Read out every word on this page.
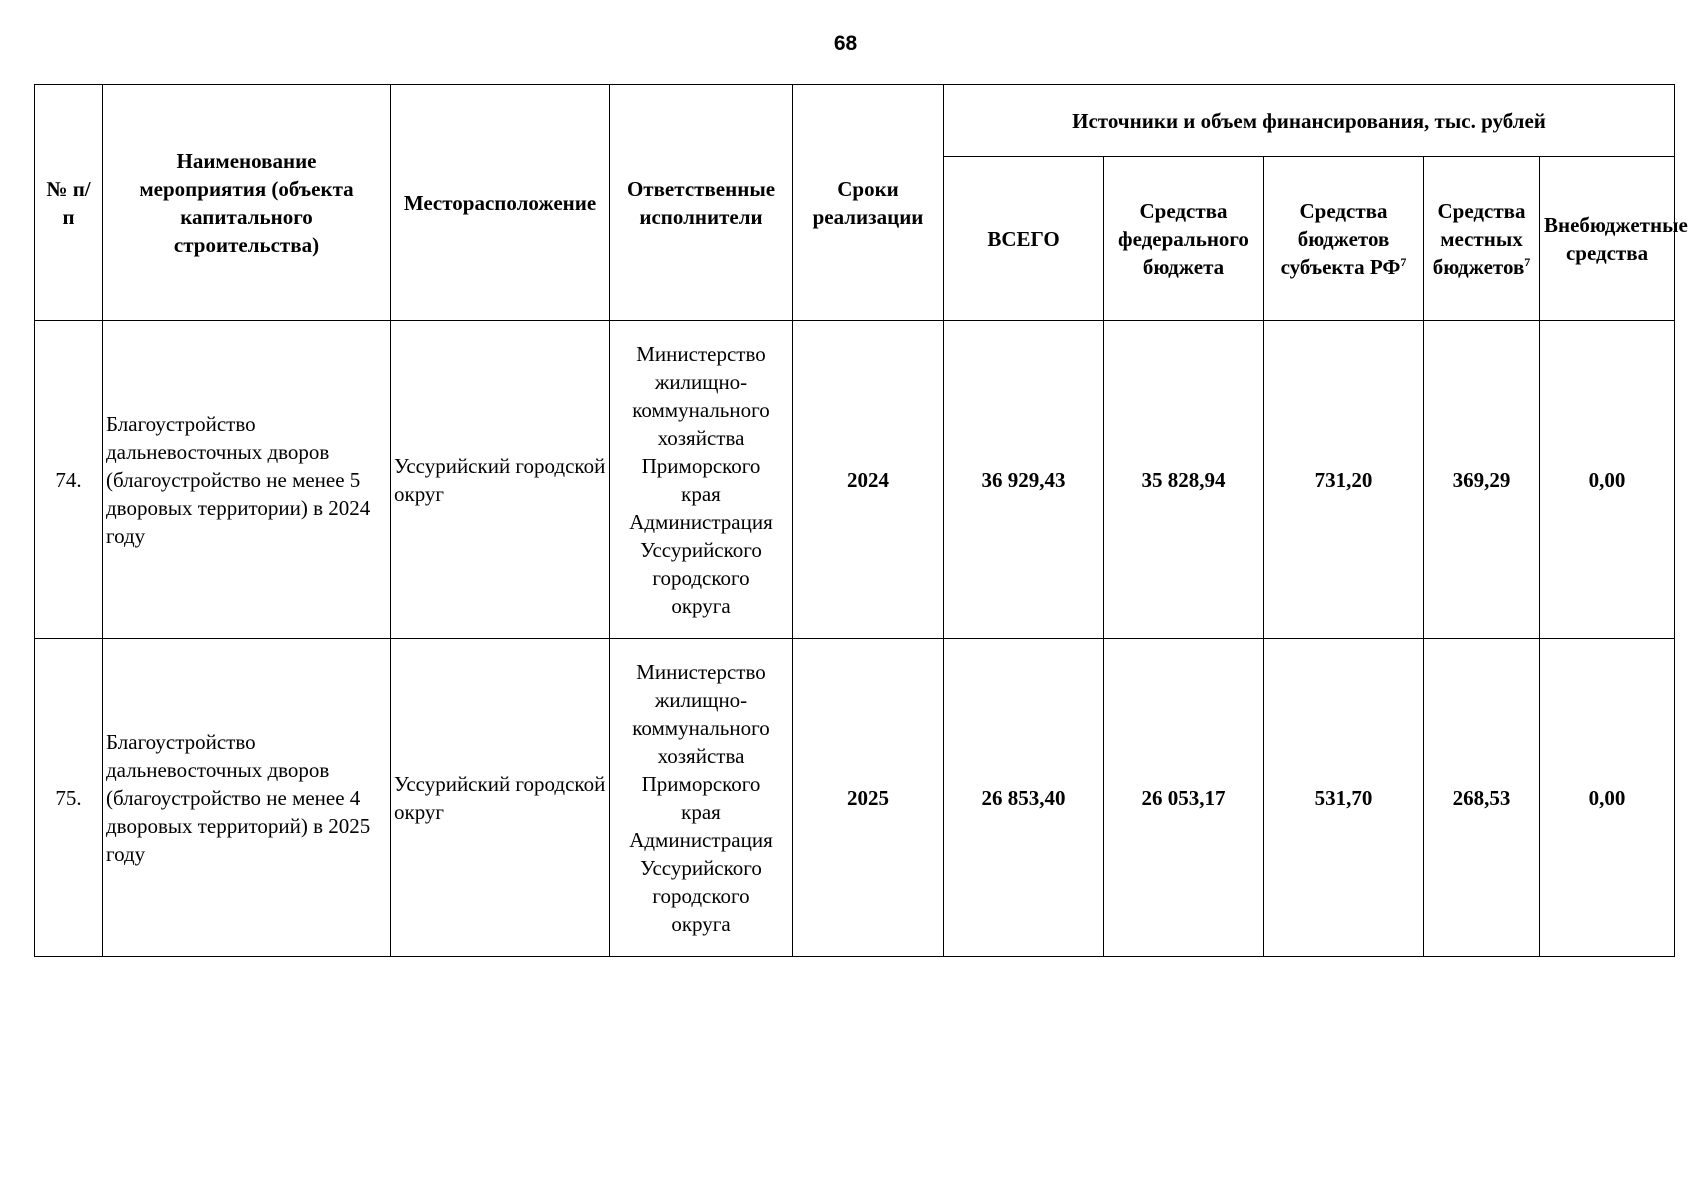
68
№ п/п	Наименование мероприятия (объекта капитального строительства)	Месторасположение	Ответственные исполнители	Сроки реализации	Источники и объем финансирования, тыс. рублей				
					ВСЕГО	Средства федерального бюджета	Средства бюджетов субъекта $РФ^7$	Средства местных бюджетов$^7$	Внебюджетные средства
74.	Благоустройство дальневосточных дворов (благоустройство не менее 5 дворовых территории) в 2024 году	Уссурийский городской округ	Министерство жилищно-коммунального хозяйства Приморского края Администрация Уссурийского городского округа	2024	36 929,43	35 828,94	731,20	369,29	0,00
75.	Благоустройство дальневосточных дворов (благоустройство не менее 4 дворовых территорий) в 2025 году	Уссурийский городской округ	Министерство жилищно-коммунального хозяйства Приморского края Администрация Уссурийского городского округа	2025	26 853,40	26 053,17	531,70	268,53	0,00
